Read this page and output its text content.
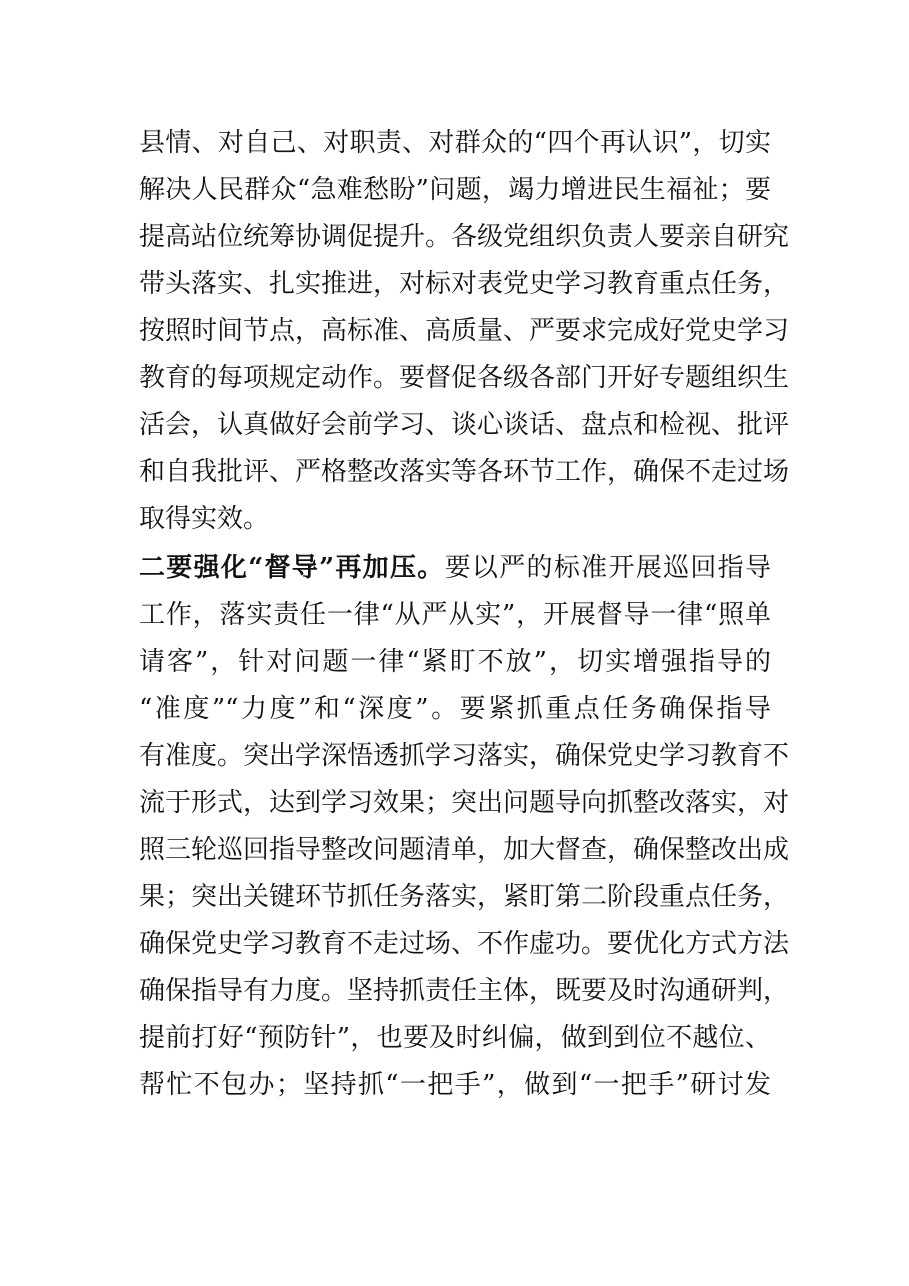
县情、对自己、对职责、对群众的“四个再认识”，切实
解决人民群众“急难愁盼”问题，竭力增进民生福祉；要
提高站位统筹协调促提升。各级党组织负责人要亲自研究
带头落实、扎实推进，对标对表党史学习教育重点任务，
按照时间节点，高标准、高质量、严要求完成好党史学习
教育的每项规定动作。要督促各级各部门开好专题组织生
活会，认真做好会前学习、谈心谈话、盘点和检视、批评
和自我批评、严格整改落实等各环节工作，确保不走过场
取得实效。
二要强化“督导”再加压。要以严的标准开展巡回指导
工作，落实责任一律“从严从实”，开展督导一律“照单
请客”，针对问题一律“紧盯不放”，切实增强指导的
“准度”“力度”和“深度”。要紧抓重点任务确保指导
有准度。突出学深悟透抓学习落实，确保党史学习教育不
流于形式，达到学习效果；突出问题导向抓整改落实，对
照三轮巡回指导整改问题清单，加大督查，确保整改出成
果；突出关键环节抓任务落实，紧盯第二阶段重点任务，
确保党史学习教育不走过场、不作虚功。要优化方式方法
确保指导有力度。坚持抓责任主体，既要及时沟通研判，
提前打好“预防针”，也要及时纠偏，做到到位不越位、
帮忙不包办；坚持抓“一把手”，做到“一把手”研讨发
